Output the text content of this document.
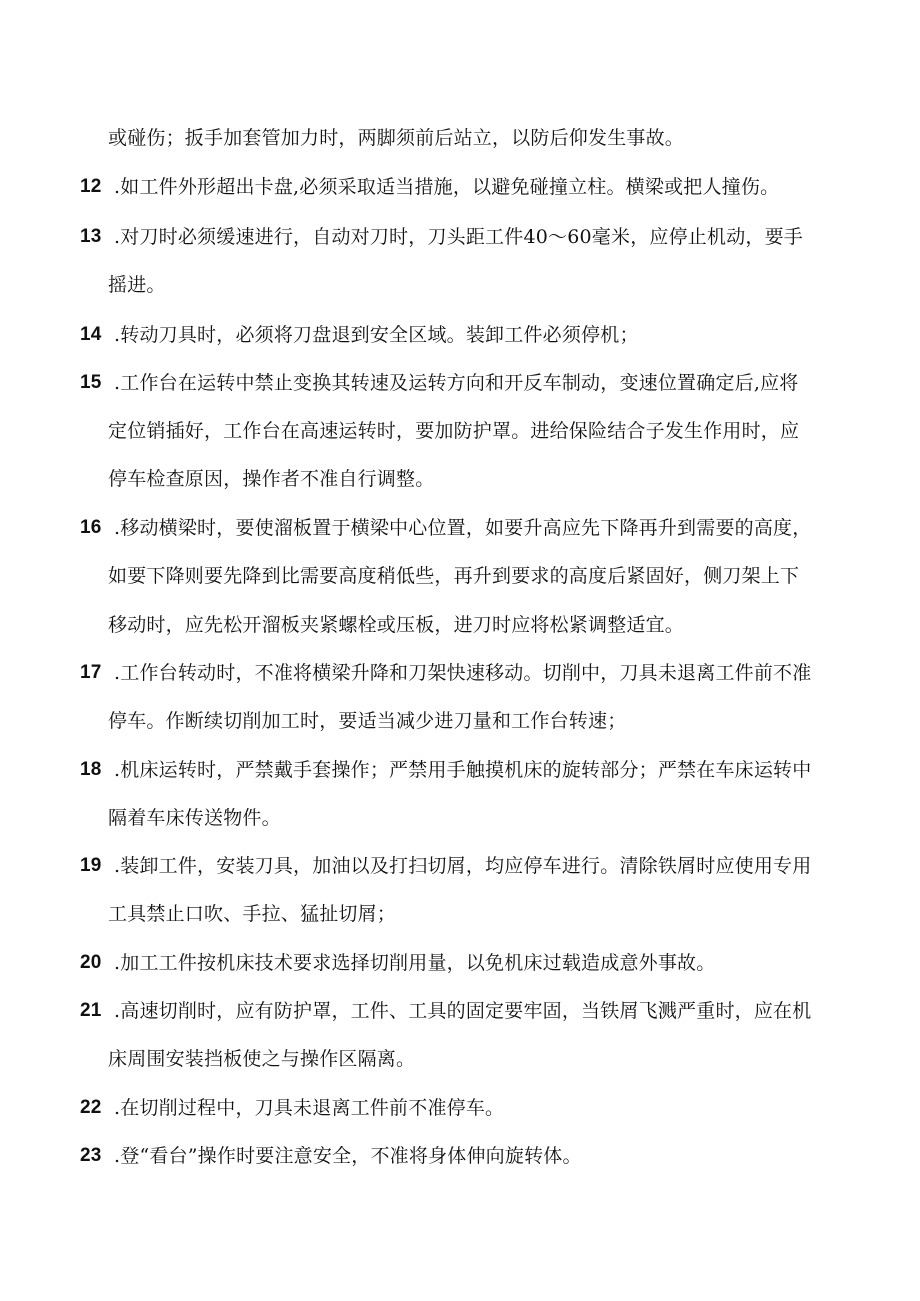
或碰伤；扳手加套管加力时，两脚须前后站立，以防后仰发生事故。
12 .如工件外形超出卡盘,必须采取适当措施，以避免碰撞立柱。横梁或把人撞伤。
13 .对刀时必须缓速进行，自动对刀时，刀头距工件40～60毫米，应停止机动，要手
摇进。
14 .转动刀具时，必须将刀盘退到安全区域。装卸工件必须停机；
15 .工作台在运转中禁止变换其转速及运转方向和开反车制动，变速位置确定后,应将
定位销插好，工作台在高速运转时，要加防护罩。进给保险结合子发生作用时，应
停车检查原因，操作者不准自行调整。
16 .移动横梁时，要使溜板置于横梁中心位置，如要升高应先下降再升到需要的高度，
如要下降则要先降到比需要高度稍低些，再升到要求的高度后紧固好，侧刀架上下
移动时，应先松开溜板夹紧螺栓或压板，进刀时应将松紧调整适宜。
17 .工作台转动时，不准将横梁升降和刀架快速移动。切削中，刀具未退离工件前不准
停车。作断续切削加工时，要适当减少进刀量和工作台转速；
18 .机床运转时，严禁戴手套操作；严禁用手触摸机床的旋转部分；严禁在车床运转中
隔着车床传送物件。
19 .装卸工件，安装刀具，加油以及打扫切屑，均应停车进行。清除铁屑时应使用专用
工具禁止口吹、手拉、猛扯切屑；
20 .加工工件按机床技术要求选择切削用量，以免机床过载造成意外事故。
21 .高速切削时，应有防护罩，工件、工具的固定要牢固，当铁屑飞溅严重时，应在机
床周围安装挡板使之与操作区隔离。
22 .在切削过程中，刀具未退离工件前不准停车。
23 .登“看台”操作时要注意安全，不准将身体伸向旋转体。
